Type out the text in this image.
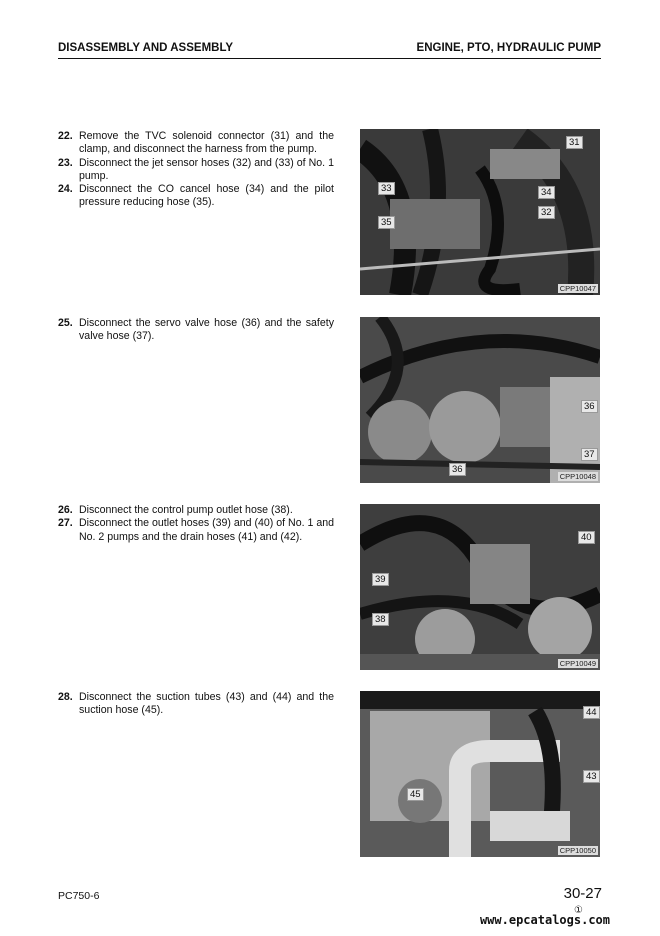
DISASSEMBLY AND ASSEMBLY	ENGINE, PTO, HYDRAULIC PUMP
22. Remove the TVC solenoid connector (31) and the clamp, and disconnect the harness from the pump.
23. Disconnect the jet sensor hoses (32) and (33) of No. 1 pump.
24. Disconnect the CO cancel hose (34) and the pilot pressure reducing hose (35).
31
33	34
32
35
CPP10047
25. Disconnect the servo valve hose (36) and the safety valve hose (37).
36
37
36
CPP10048
26. Disconnect the control pump outlet hose (38).
27. Disconnect the outlet hoses (39) and (40) of No. 1 and No. 2 pumps and the drain hoses (41) and (42).	40
39
38
CPP10049
28. Disconnect the suction tubes (43) and (44) and the suction hose (45).	44
43
45
CPP10050
PC750-6	30-27
①
www.epcatalogs.com
